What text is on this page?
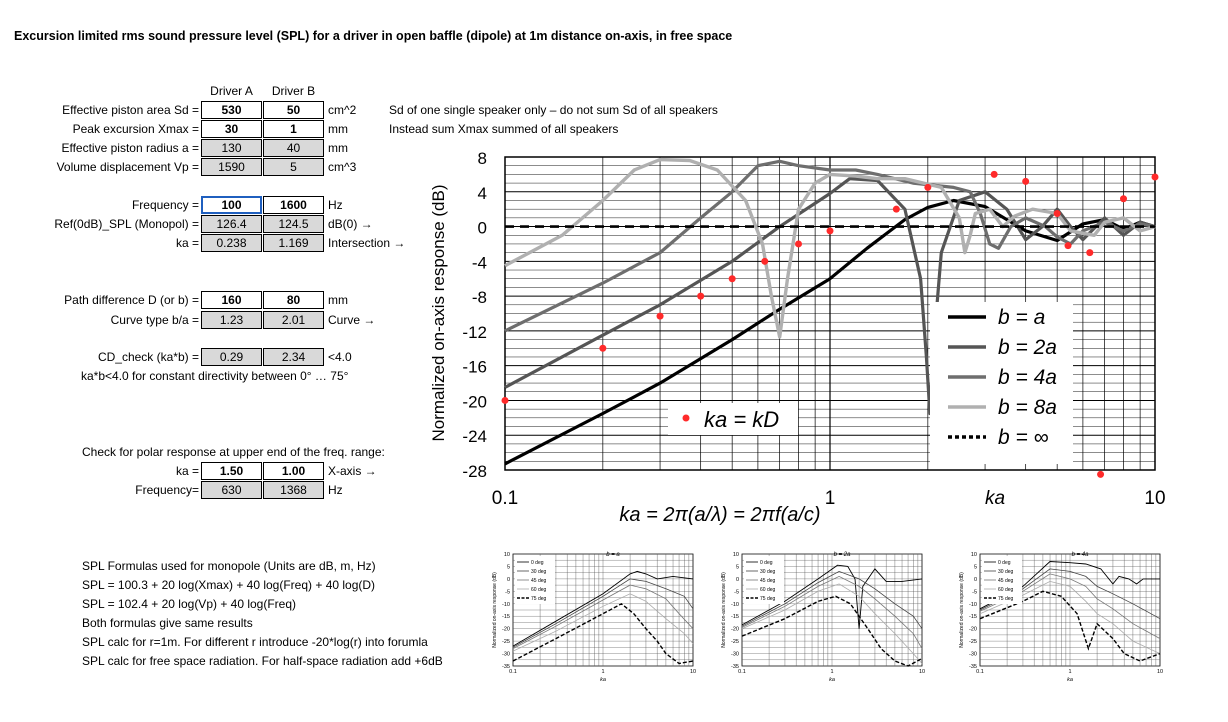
Excursion limited rms sound pressure level (SPL) for a driver in open baffle (dipole) at 1m distance on-axis, in free space
Driver A	Driver B
Effective piston area Sd =	530	50	cm^2	Sd of one single speaker only – do not sum Sd of all speakers
Peak excursion Xmax =	30	1	mm	Instead sum Xmax summed of all speakers
Effective piston radius a =	130	40	mm
Volume displacement Vp =	1590	5	cm^3
Frequency =	100	1600	Hz
Ref(0dB)_SPL (Monopol) =	126.4	124.5	dB(0) →
ka =	0.238	1.169	Intersection →
Path difference D (or b) =	160	80	mm
Curve type b/a =	1.23	2.01	Curve →
CD_check (ka*b) =	0.29	2.34	<4.0
ka*b<4.0 for constant directivity between 0° … 75°
Check for polar response at upper end of the freq. range:
ka =	1.50	1.00	X-axis →
Frequency=	630	1368	Hz
SPL Formulas used for monopole (Units are dB, m, Hz)
SPL = 100.3 + 20 log(Xmax) + 40 log(Freq) + 40 log(D)
SPL = 102.4 + 20 log(Vp) + 40 log(Freq)
Both formulas give same results
SPL calc for r=1m. For different r introduce -20*log(r) into forumla
SPL calc for free space radiation. For half-space radiation add +6dB
8
4
0
-4
-8
-12
-16
-20
-24
-28
0.1	1	10
b = a
b = 2a
b = 4a
b = 8a
b = ∞
ka = kD
Normalized on-axis response (dB)
ka
ka = 2π(a/λ) = 2πf(a/c)
10
5
0
-5
-10
-15
-20
-25
-30
-35
0.1	1	10
ka
Normalized on-axis response (dB)
b = a
0 deg
30 deg
45 deg
60 deg
75 deg
10
5
0
-5
-10
-15
-20
-25
-30
-35
0.1	1	10
ka
Normalized on-axis response (dB)
b = 2a
0 deg
30 deg
45 deg
60 deg
75 deg
10
5
0
-5
-10
-15
-20
-25
-30
-35
0.1	1	10
ka
Normalized on-axis response (dB)
b = 4a
0 deg
30 deg
45 deg
60 deg
75 deg
